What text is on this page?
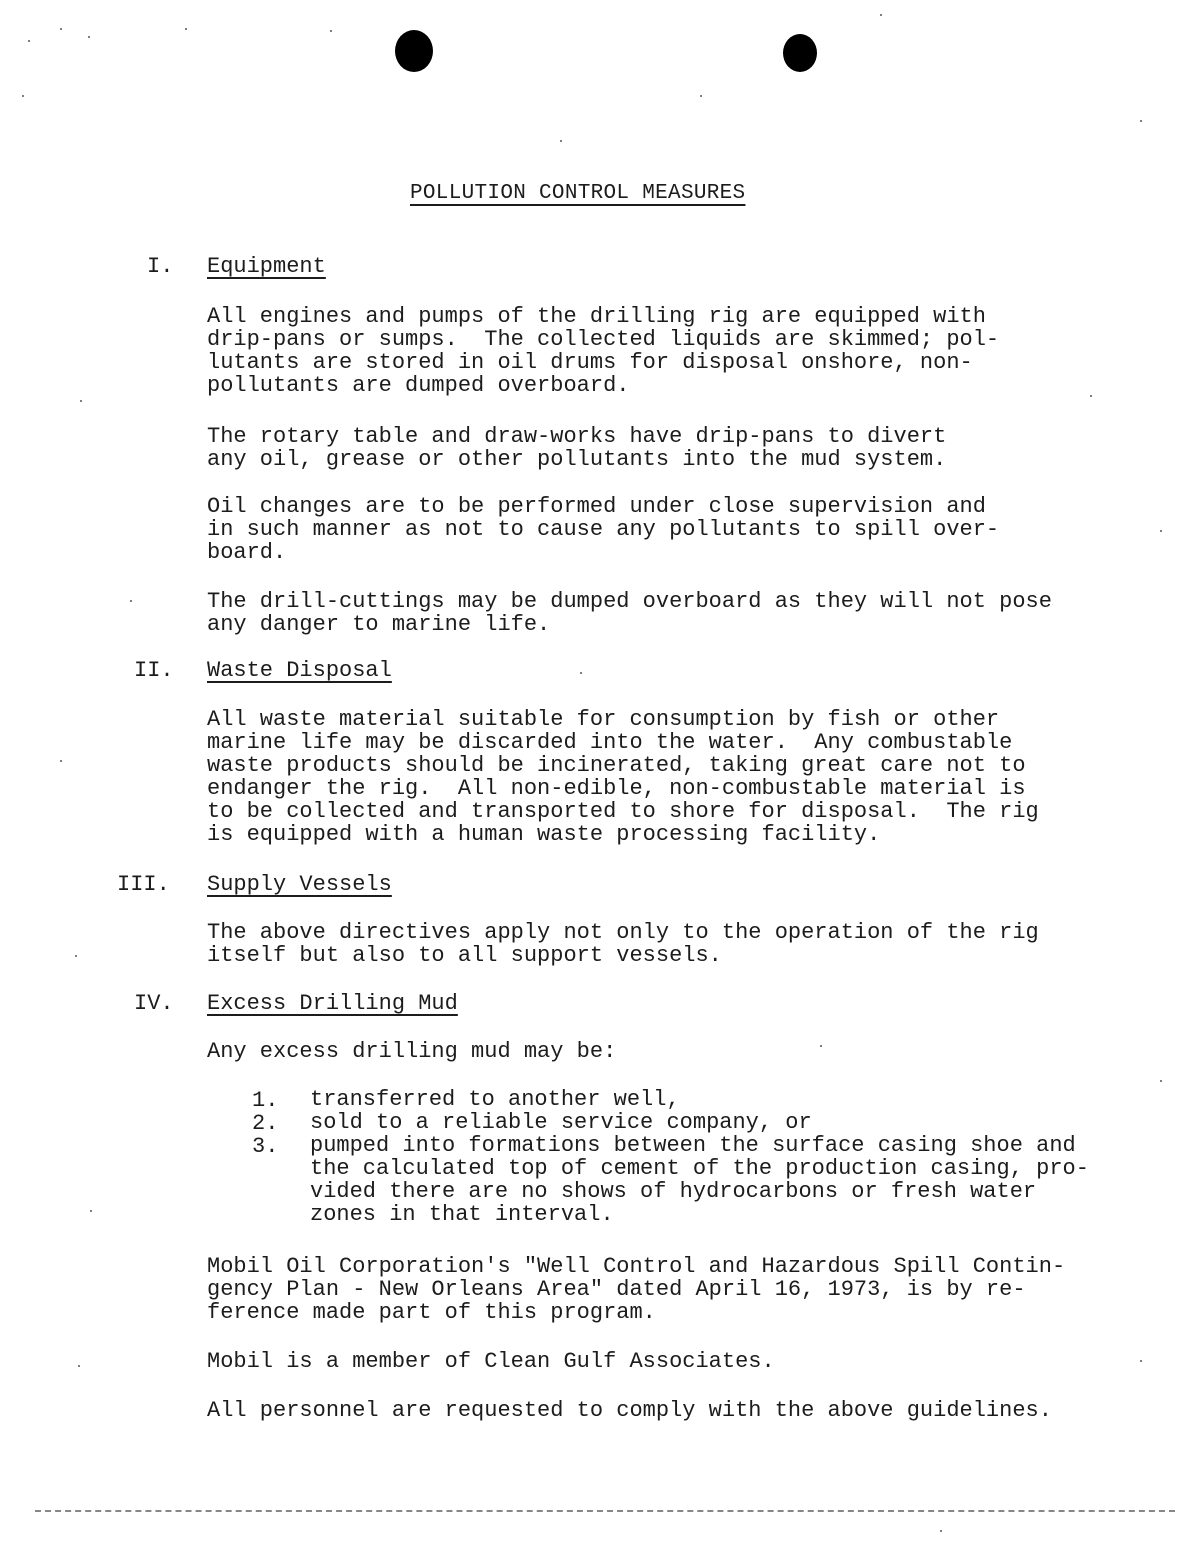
POLLUTION CONTROL MEASURES
I. Equipment
All engines and pumps of the drilling rig are equipped with
drip-pans or sumps.  The collected liquids are skimmed; pol-
lutants are stored in oil drums for disposal onshore, non-
pollutants are dumped overboard.
The rotary table and draw-works have drip-pans to divert
any oil, grease or other pollutants into the mud system.
Oil changes are to be performed under close supervision and
in such manner as not to cause any pollutants to spill over-
board.
The drill-cuttings may be dumped overboard as they will not pose
any danger to marine life.
II. Waste Disposal
All waste material suitable for consumption by fish or other
marine life may be discarded into the water.  Any combustable
waste products should be incinerated, taking great care not to
endanger the rig.  All non-edible, non-combustable material is
to be collected and transported to shore for disposal.  The rig
is equipped with a human waste processing facility.
III. Supply Vessels
The above directives apply not only to the operation of the rig
itself but also to all support vessels.
IV. Excess Drilling Mud
Any excess drilling mud may be:
1. transferred to another well,
2. sold to a reliable service company, or
3. pumped into formations between the surface casing shoe and
the calculated top of cement of the production casing, pro-
vided there are no shows of hydrocarbons or fresh water
zones in that interval.
Mobil Oil Corporation's "Well Control and Hazardous Spill Contin-
gency Plan - New Orleans Area" dated April 16, 1973, is by re-
ference made part of this program.
Mobil is a member of Clean Gulf Associates.
All personnel are requested to comply with the above guidelines.
